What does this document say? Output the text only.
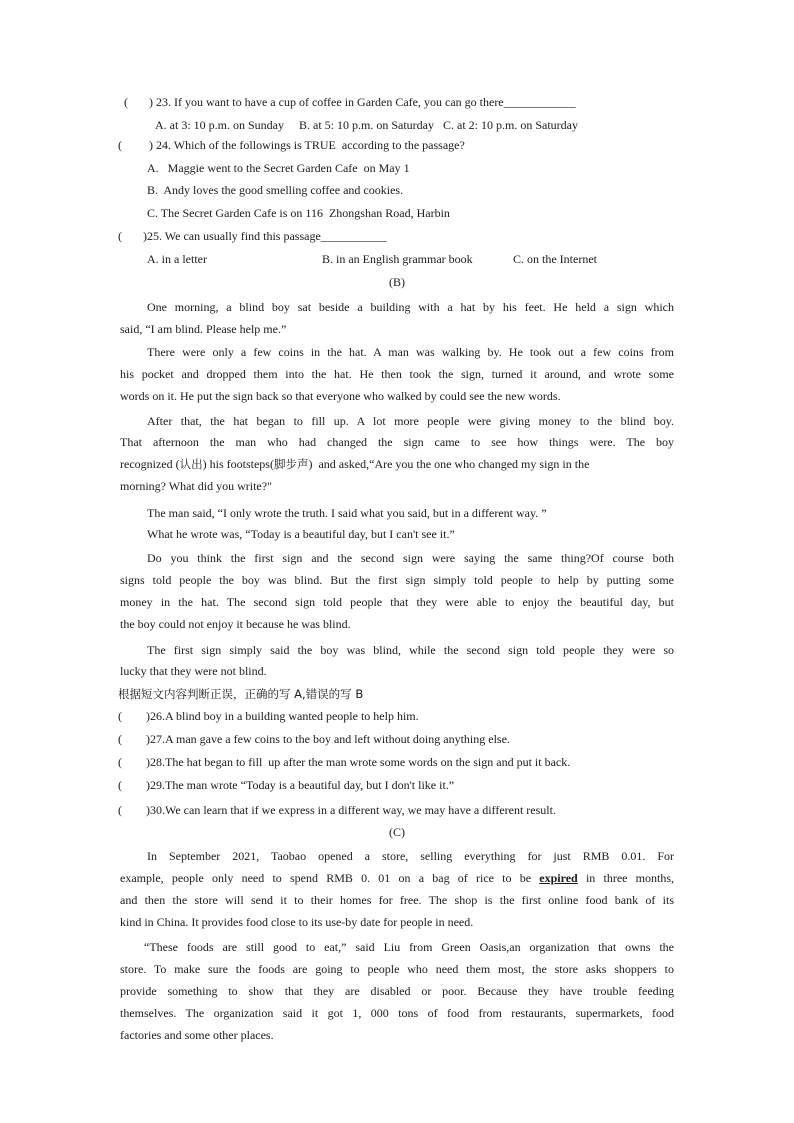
(       ) 23. If you want to have a cup of coffee in Garden Cafe, you can go there____________
A. at 3: 10 p.m. on Sunday     B. at 5: 10 p.m. on Saturday   C. at 2: 10 p.m. on Saturday
(         ) 24. Which of the followings is TRUE  according to the passage?
A.   Maggie went to the Secret Garden Cafe  on May 1
B.  Andy loves the good smelling coffee and cookies.
C. The Secret Garden Cafe is on 116  Zhongshan Road, Harbin
(       )25. We can usually find this passage___________
A. in a letter	B. in an English grammar book	C. on the Internet
(B)
One morning, a blind boy sat beside a building with a hat by his feet. He held a sign which
said, “I am blind. Please help me.”
There were only a few coins in the hat. A man was walking by. He took out a few coins from
his pocket and dropped them into the hat. He then took the sign, turned it around, and wrote some
words on it. He put the sign back so that everyone who walked by could see the new words.
After that, the hat began to fill up. A lot more people were giving money to the blind boy.
That afternoon the man who had changed the sign came to see how things were. The boy
recognized (认出) his footsteps(脚步声)  and asked,“Are you the one who changed my sign in the
morning? What did you write?"
The man said, “I only wrote the truth. I said what you said, but in a different way. ”
What he wrote was, “Today is a beautiful day, but I can't see it.”
Do you think the first sign and the second sign were saying the same thing?Of course both
signs told people the boy was blind. But the first sign simply told people to help by putting some
money in the hat. The second sign told people that they were able to enjoy the beautiful day, but
the boy could not enjoy it because he was blind.
The first sign simply said the boy was blind, while the second sign told people they were so
lucky that they were not blind.
根据短文内容判断正误，正确的写 A,错误的写 B
(        )26.A blind boy in a building wanted people to help him.
(        )27.A man gave a few coins to the boy and left without doing anything else.
(        )28.The hat began to fill  up after the man wrote some words on the sign and put it back.
(        )29.The man wrote “Today is a beautiful day, but I don't like it.”
(        )30.We can learn that if we express in a different way, we may have a different result.
(C)
In September 2021, Taobao opened a store, selling everything for just RMB 0.01. For
example, people only need to spend RMB 0. 01 on a bag of rice to be expired in three months,
and then the store will send it to their homes for free. The shop is the first online food bank of its
kind in China. It provides food close to its use-by date for people in need.
“These foods are still good to eat,” said Liu from Green Oasis,an organization that owns the
store. To make sure the foods are going to people who need them most, the store asks shoppers to
provide something to show that they are disabled or poor. Because they have trouble feeding
themselves. The organization said it got 1, 000 tons of food from restaurants, supermarkets, food
factories and some other places.
